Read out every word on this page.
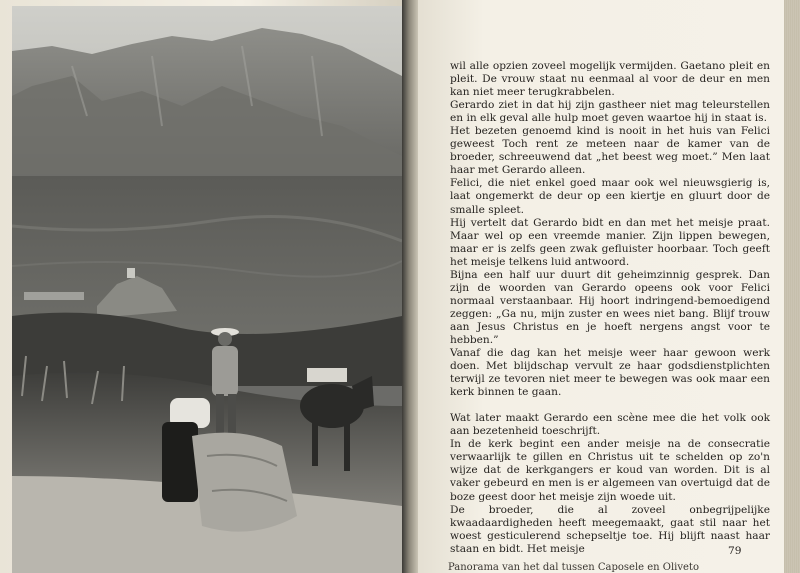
wil alle opzien zoveel mogelijk vermijden. Gaetano pleit en pleit. De vrouw staat nu eenmaal al voor de deur en men kan niet meer terugkrabbelen.

Gerardo ziet in dat hij zijn gastheer niet mag teleurstellen en in elk geval alle hulp moet geven waartoe hij in staat is.

Het bezeten genoemd kind is nooit in het huis van Felici geweest Toch rent ze meteen naar de kamer van de broeder, schreeuwend dat „het beest weg moet.” Men laat haar met Gerardo alleen.

Felici, die niet enkel goed maar ook wel nieuwsgierig is, laat ongemerkt de deur op een kiertje en gluurt door de smalle spleet.

Hij vertelt dat Gerardo bidt en dan met het meisje praat. Maar wel op een vreemde manier. Zijn lippen bewegen, maar er is zelfs geen zwak gefluister hoorbaar. Toch geeft het meisje telkens luid antwoord.

Bijna een half uur duurt dit geheimzinnig gesprek. Dan zijn de woorden van Gerardo opeens ook voor Felici normaal verstaanbaar. Hij hoort indringend-bemoedigend zeggen: „Ga nu, mijn zuster en wees niet bang. Blijf trouw aan Jesus Christus en je hoeft nergens angst voor te hebben.”

Vanaf die dag kan het meisje weer haar gewoon werk doen. Met blijdschap vervult ze haar godsdienstplichten terwijl ze tevoren niet meer te bewegen was ook maar een kerk binnen te gaan.

Wat later maakt Gerardo een scène mee die het volk ook aan bezetenheid toeschrijft.

In de kerk begint een ander meisje na de consecratie verwaarlijk te gillen en Christus uit te schelden op zo'n wijze dat de kerkgangers er koud van worden. Dit is al vaker gebeurd en men is er algemeen van overtuigd dat de boze geest door het meisje zijn woede uit.

De broeder, die al zoveel onbegrijpelijke kwaadaardigheden heeft meegemaakt, gaat stil naar het woest gesticulerend schepseltje toe. Hij blijft naast haar staan en bidt. Het meisje	79
Panorama van het dal tussen Caposele en Oliveto
